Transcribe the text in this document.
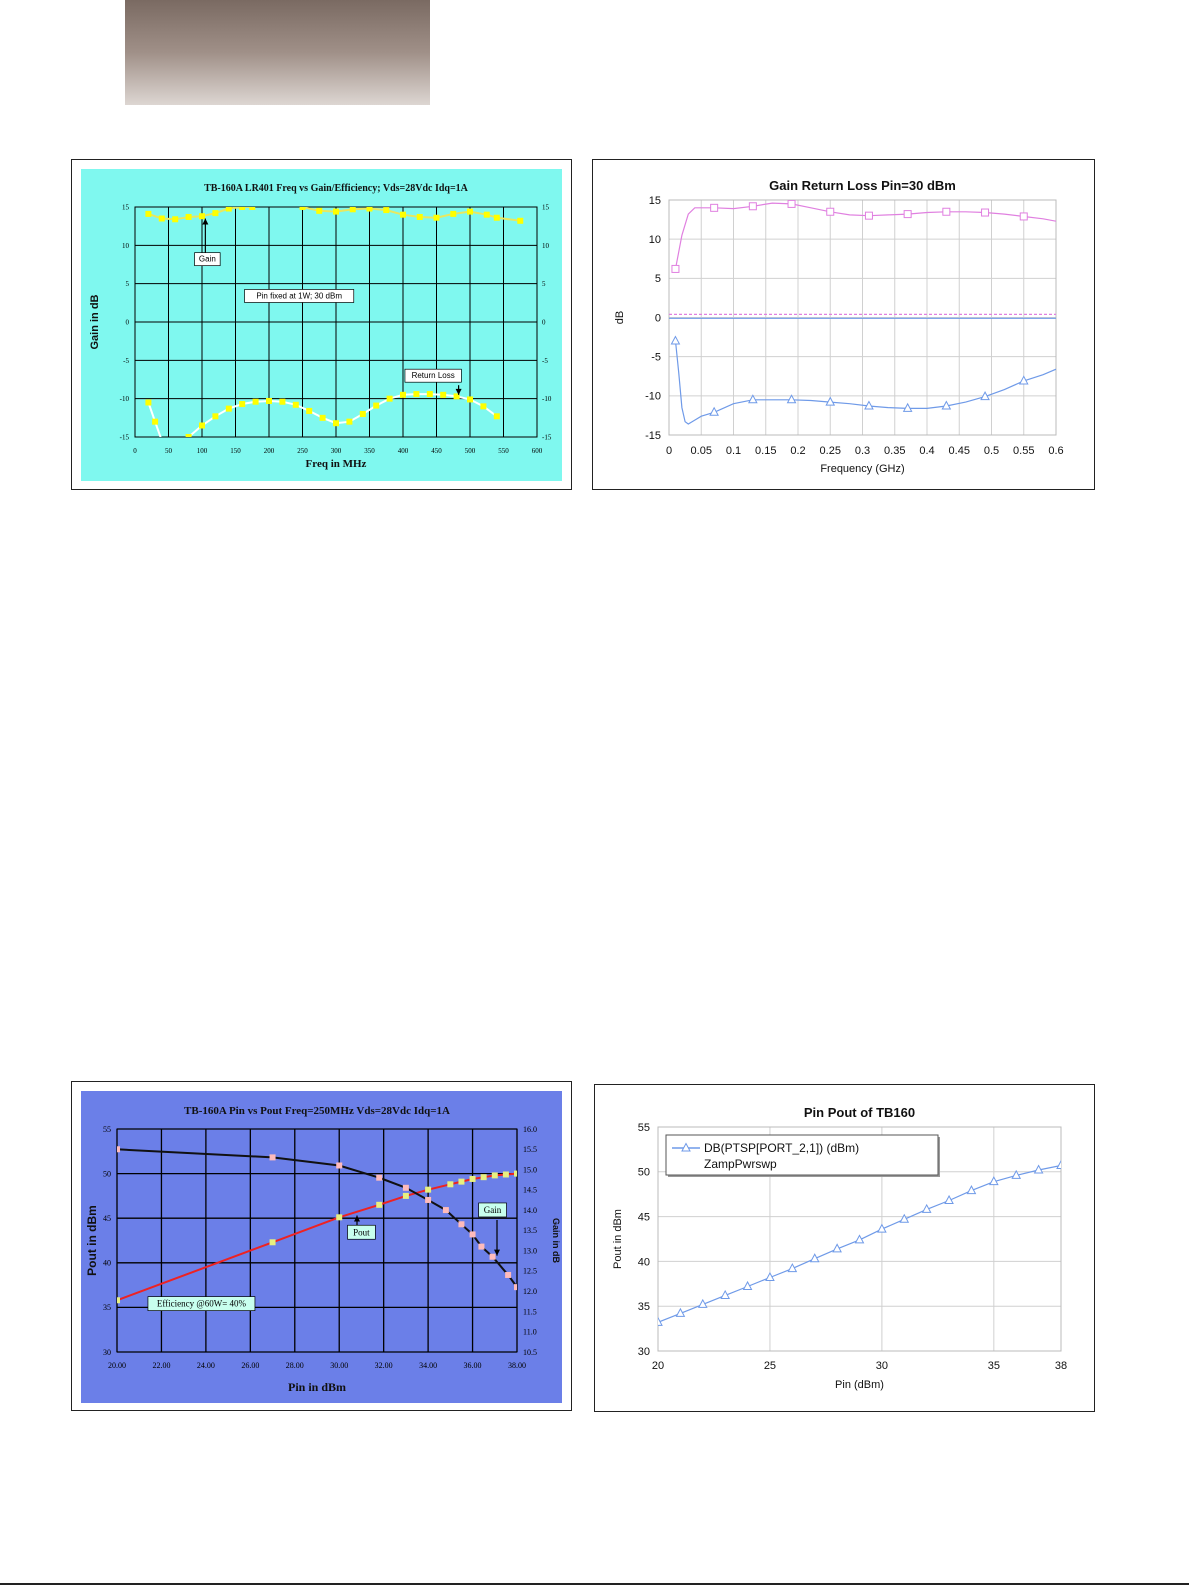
0	50	100	150	200	250	300	350	400	450	500	550	600
-15
-10
-5
0
5
10
15
-15
-10
-5
0
5
10
15
TB-160A LR401 Freq vs Gain/Efficiency; Vds=28Vdc Idq=1A
Freq in MHz
Gain in dB
Gain
Pin fixed at 1W; 30 dBm
Return Loss
0 0.05 0.1 0.15 0.2 0.25 0.3 0.35 0.4 0.45 0.5 0.55 0.6
-15
-10
-5
0
5
10
15
Gain Return Loss Pin=30 dBm
Frequency (GHz)
dB
20.00	22.00	24.00	26.00	28.00	30.00	32.00	34.00	36.00	38.00
30
35
40
45
50
55
10.5
11.0
11.5
12.0
12.5
13.0
13.5
14.0
14.5
15.0
15.5
16.0
TB-160A Pin vs Pout Freq=250MHz Vds=28Vdc Idq=1A
Pin in dBm
Pout in dBm	Gain in dB
Pout
Gain
Efficiency @60W= 40%
20	25	30	35	38
30
35
40
45
50
55
Pin Pout of TB160
Pin (dBm)
Pout in dBm
DB(PTSP[PORT_2,1]) (dBm)
ZampPwrswp
